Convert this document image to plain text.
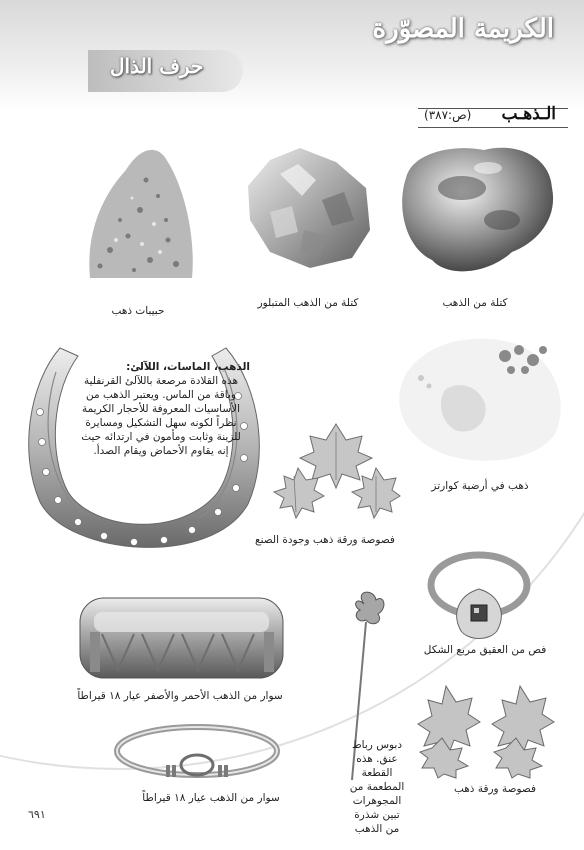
الكريمة المصوّرة
حرف الذال
الـذهـب
(ص:٣٨٧)
كتلة من الذهب
كتلة من الذهب المتبلور
حبيبات ذهب
الذهب، الماسات، اللآلئ:
هذه القلادة مرصعة باللآلئ القرنفلية
وباقة من الماس. ويعتبر الذهب من
الأساسيات المعروفة للأحجار الكريمة
نظراً لكونه سهل التشكيل ومسايرة
للزينة وثابت ومأمون في ارتدائه حيث
إنه يقاوم الأحماض ويقام الصدأ.
ذهب في أرضية كوارتز
فصوصة ورقة ذهب وجودة الصنع
فص من العقيق مربع الشكل
سوار من الذهب الأحمر والأصفر عيار ١٨ قيراطاً
سوار من الذهب عيار ١٨ قيراطاً
دبوس رباط
عنق. هذه
القطعة
المطعمة من
المجوهرات
تبين شذرة
من الذهب
فصوصة ورقة ذهب
٦٩١
